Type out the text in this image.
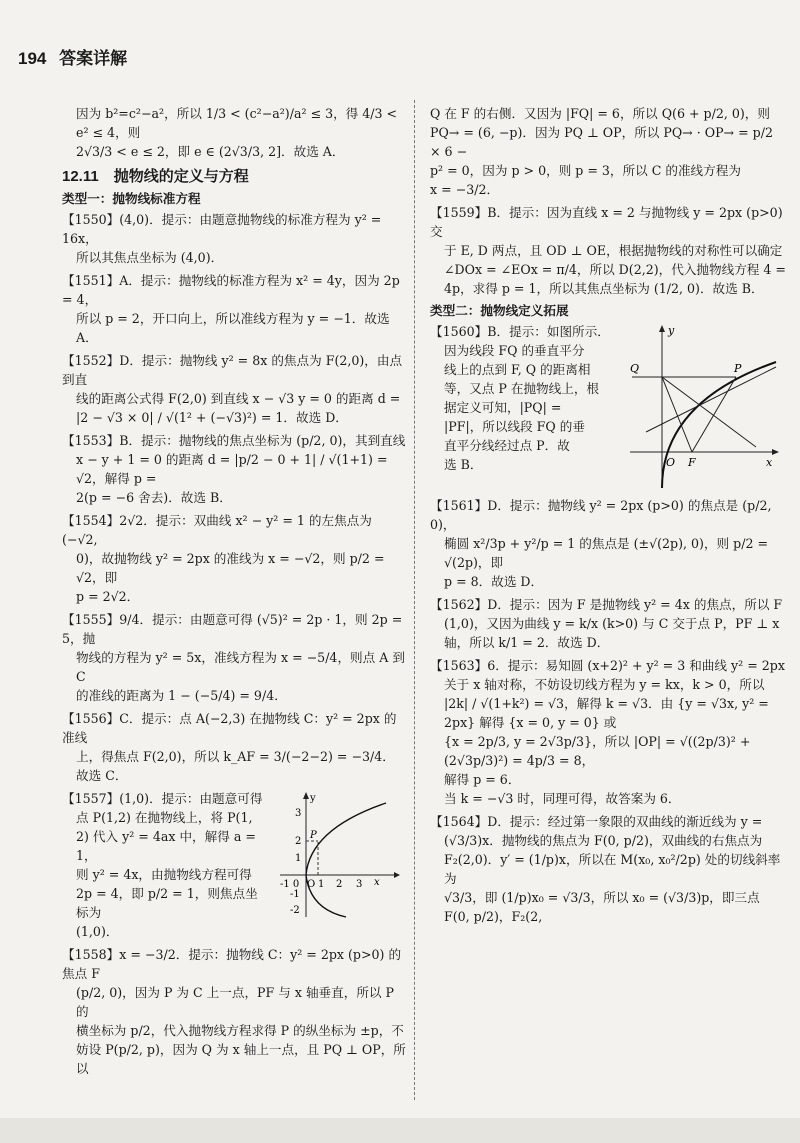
194 答案详解
因为 b²=c²−a²，所以 1/3 < (c²−a²)/a² ≤ 3，得 4/3 < e² ≤ 4，则
2√3/3 < e ≤ 2，即 e ∈ (2√3/3, 2]．故选 A．
12.11　抛物线的定义与方程
类型一：抛物线标准方程
【1550】(4,0)．提示：由题意抛物线的标准方程为 y² = 16x，
所以其焦点坐标为 (4,0)．
【1551】A．提示：抛物线的标准方程为 x² = 4y，因为 2p = 4，
所以 p = 2，开口向上，所以准线方程为 y = −1．故选 A．
【1552】D．提示：抛物线 y² = 8x 的焦点为 F(2,0)，由点到直
线的距离公式得 F(2,0) 到直线 x − √3 y = 0 的距离 d =
|2 − √3 × 0| / √(1² + (−√3)²) = 1．故选 D．
【1553】B．提示：抛物线的焦点坐标为 (p/2, 0)，其到直线
x − y + 1 = 0 的距离 d = |p/2 − 0 + 1| / √(1+1) = √2，解得 p =
2(p = −6 舍去)．故选 B．
【1554】2√2．提示：双曲线 x² − y² = 1 的左焦点为 (−√2,
0)，故抛物线 y² = 2px 的准线为 x = −√2，则 p/2 = √2，即
p = 2√2．
【1555】9/4．提示：由题意可得 (√5)² = 2p · 1，则 2p = 5，抛
物线的方程为 y² = 5x，准线方程为 x = −5/4，则点 A 到 C
的准线的距离为 1 − (−5/4) = 9/4．
【1556】C．提示：点 A(−2,3) 在抛物线 C：y² = 2px 的准线
上，得焦点 F(2,0)，所以 k_AF = 3/(−2−2) = −3/4．故选 C．
【1557】(1,0)．提示：由题意可得
点 P(1,2) 在抛物线上，将 P(1,
2) 代入 y² = 4ax 中，解得 a = 1，
则 y² = 4x，由抛物线方程可得
2p = 4，即 p/2 = 1，则焦点坐标为
(1,0)．
y
3
2
1
O
-1
-2
-1 0 1 2 3 x
P
【1558】x = −3/2．提示：抛物线 C：y² = 2px (p>0) 的焦点 F
(p/2, 0)，因为 P 为 C 上一点，PF 与 x 轴垂直，所以 P 的
横坐标为 p/2，代入抛物线方程求得 P 的纵坐标为 ±p，不
妨设 P(p/2, p)，因为 Q 为 x 轴上一点，且 PQ ⊥ OP，所以
Q 在 F 的右侧．又因为 |FQ| = 6，所以 Q(6 + p/2, 0)，则
PQ→ = (6, −p)．因为 PQ ⊥ OP，所以 PQ→ · OP→ = p/2 × 6 −
p² = 0，因为 p > 0，则 p = 3，所以 C 的准线方程为
x = −3/2．
【1559】B．提示：因为直线 x = 2 与抛物线 y = 2px (p>0) 交
于 E, D 两点，且 OD ⊥ OE，根据抛物线的对称性可以确定
∠DOx = ∠EOx = π/4，所以 D(2,2)，代入抛物线方程 4 =
4p，求得 p = 1，所以其焦点坐标为 (1/2, 0)．故选 B．
类型二：抛物线定义拓展
【1560】B．提示：如图所示．
因为线段 FQ 的垂直平分
线上的点到 F, Q 的距离相
等，又点 P 在抛物线上，根
据定义可知，|PQ| =
|PF|，所以线段 FQ 的垂
直平分线经过点 P．故
选 B．
y
Q	P
O F	x
【1561】D．提示：抛物线 y² = 2px (p>0) 的焦点是 (p/2, 0)，
椭圆 x²/3p + y²/p = 1 的焦点是 (±√(2p), 0)，则 p/2 = √(2p)，即
p = 8．故选 D．
【1562】D．提示：因为 F 是抛物线 y² = 4x 的焦点，所以 F
(1,0)，又因为曲线 y = k/x (k>0) 与 C 交于点 P，PF ⊥ x
轴，所以 k/1 = 2．故选 D．
【1563】6．提示：易知圆 (x+2)² + y² = 3 和曲线 y² = 2px
关于 x 轴对称，不妨设切线方程为 y = kx，k > 0，所以
|2k| / √(1+k²) = √3，解得 k = √3．由 {y = √3x, y² = 2px} 解得 {x = 0, y = 0} 或
{x = 2p/3, y = 2√3p/3}，所以 |OP| = √((2p/3)² + (2√3p/3)²) = 4p/3 = 8，
解得 p = 6．
当 k = −√3 时，同理可得，故答案为 6．
【1564】D．提示：经过第一象限的双曲线的渐近线为 y =
(√3/3)x．抛物线的焦点为 F(0, p/2)，双曲线的右焦点为
F₂(2,0)．y′ = (1/p)x，所以在 M(x₀, x₀²/2p) 处的切线斜率为
√3/3，即 (1/p)x₀ = √3/3，所以 x₀ = (√3/3)p，即三点 F(0, p/2)，F₂(2,
